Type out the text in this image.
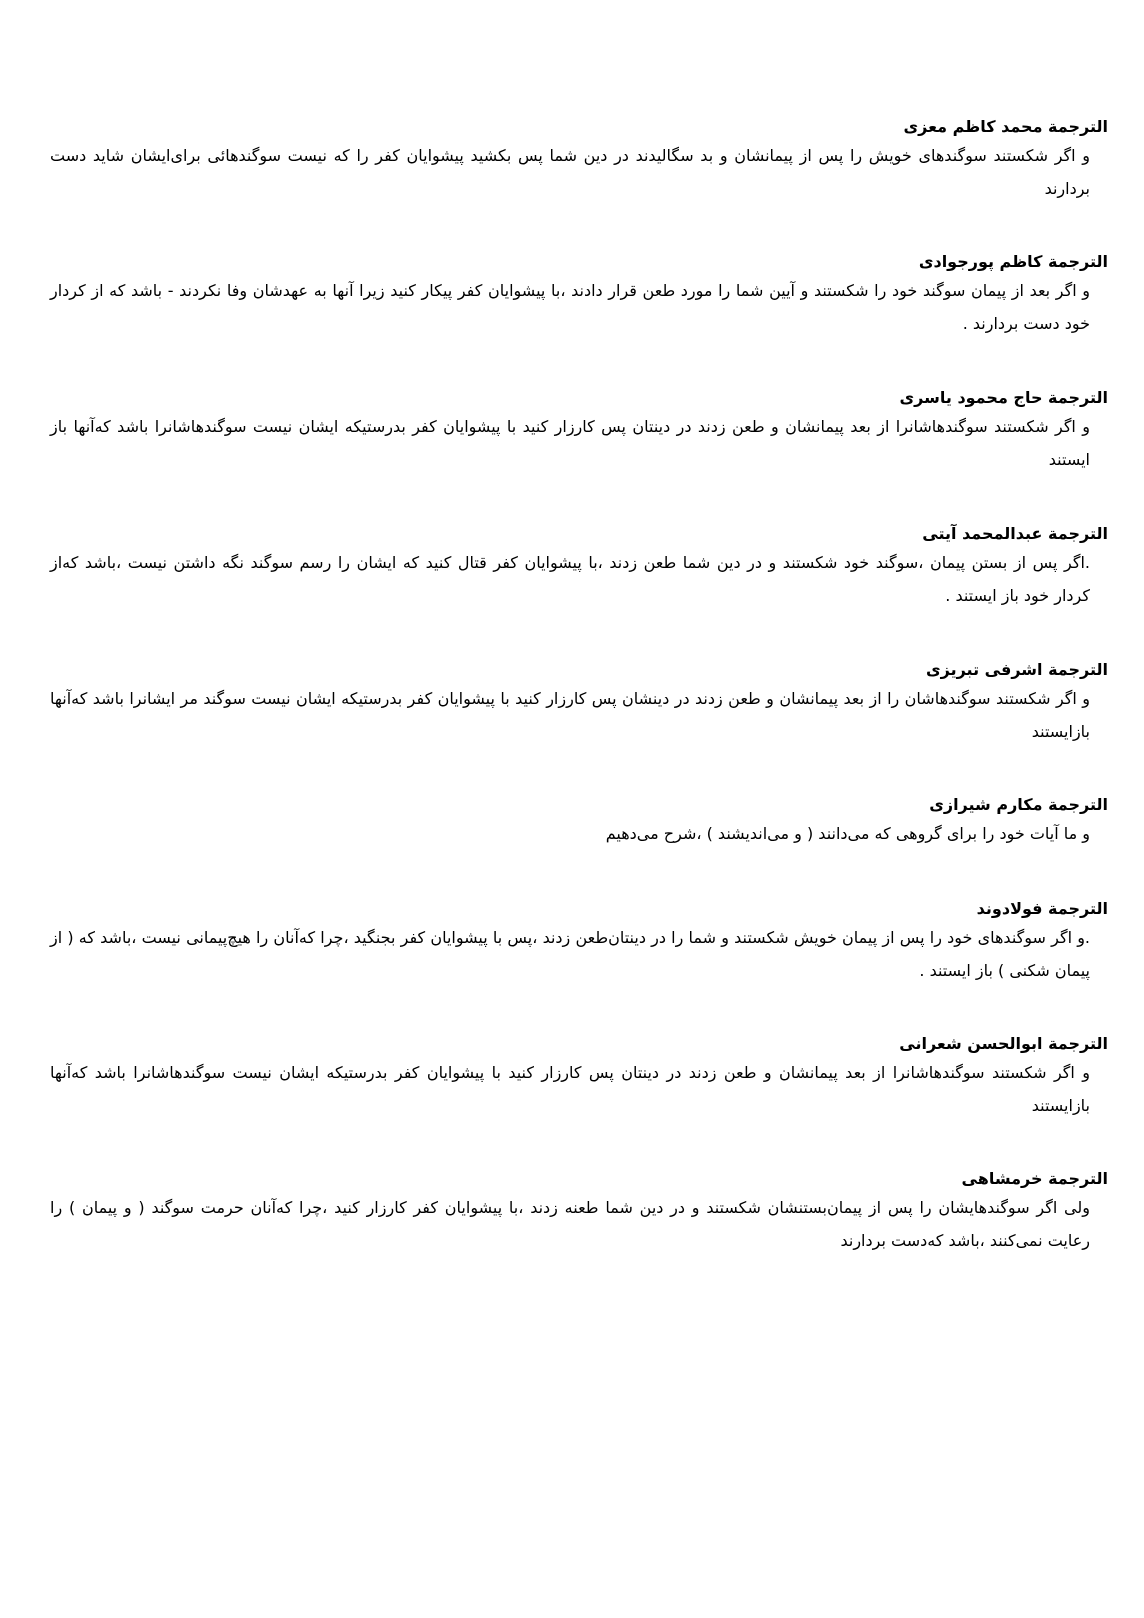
الترجمة محمد کاظم معزی
و اگر شكستند سوگندهای خويش را پس از پيمانشان و بد سگاليدند در دين شما پس بكشيد پيشوايان كفر را كه نيست سوگندهائی برای‌ايشان شايد دست بردارند
الترجمة کاظم پورجوادی
و اگر بعد از پيمان سوگند خود را شكستند و آيين شما را مورد طعن قرار دادند ،با پيشوايان كفر پيكار كنيد زيرا آنها به عهدشان وفا نكردند - باشد كه از كردار خود دست بردارند .
الترجمة حاج محمود یاسری
و اگر شكستند سوگندهاشانرا از بعد پيمانشان و طعن زدند در دينتان پس كارزار كنيد با پيشوايان كفر بدرستيكه ايشان نيست سوگندهاشانرا باشد كه‌آنها باز ايستند
الترجمة عبدالمحمد آیتی
.اگر پس از بستن پيمان ،سوگند خود شكستند و در دين شما طعن زدند ،با پيشوايان كفر قتال كنيد كه ايشان را رسم سوگند نگه داشتن نيست ،باشد كه‌از كردار خود باز ايستند .
الترجمة اشرفی تبریزی
و اگر شكستند سوگندهاشان را از بعد پيمانشان و طعن زدند در دينشان پس كارزار كنيد با پيشوايان كفر بدرستيكه ايشان نيست سوگند مر ايشانرا باشد كه‌آنها بازايستند
الترجمة مکارم شیرازی
و ما آيات خود را برای گروهی كه می‌دانند ( و می‌انديشند ) ،شرح می‌دهيم
الترجمة فولادوند
.و اگر سوگندهای خود را پس از پيمان خويش شكستند و شما را در دينتان‌طعن زدند ،پس با پيشوايان كفر بجنگيد ،چرا كه‌آنان را هيچ‌پيمانی نيست ،باشد كه ( از پيمان شكنی ) باز ايستند .
الترجمة ابوالحسن شعرانی
و اگر شكستند سوگندهاشانرا از بعد پيمانشان و طعن زدند در دينتان پس كارزار كنيد با پيشوايان كفر بدرستيكه ايشان نيست سوگندهاشانرا باشد كه‌آنها بازايستند
الترجمة خرمشاهی
ولی اگر سوگندهايشان را پس از پيمان‌بستنشان شكستند و در دين شما طعنه زدند ،با پيشوايان كفر كارزار كنيد ،چرا كه‌آنان حرمت سوگند ( و پيمان ) را رعايت نمی‌كنند ،باشد كه‌دست بردارند
